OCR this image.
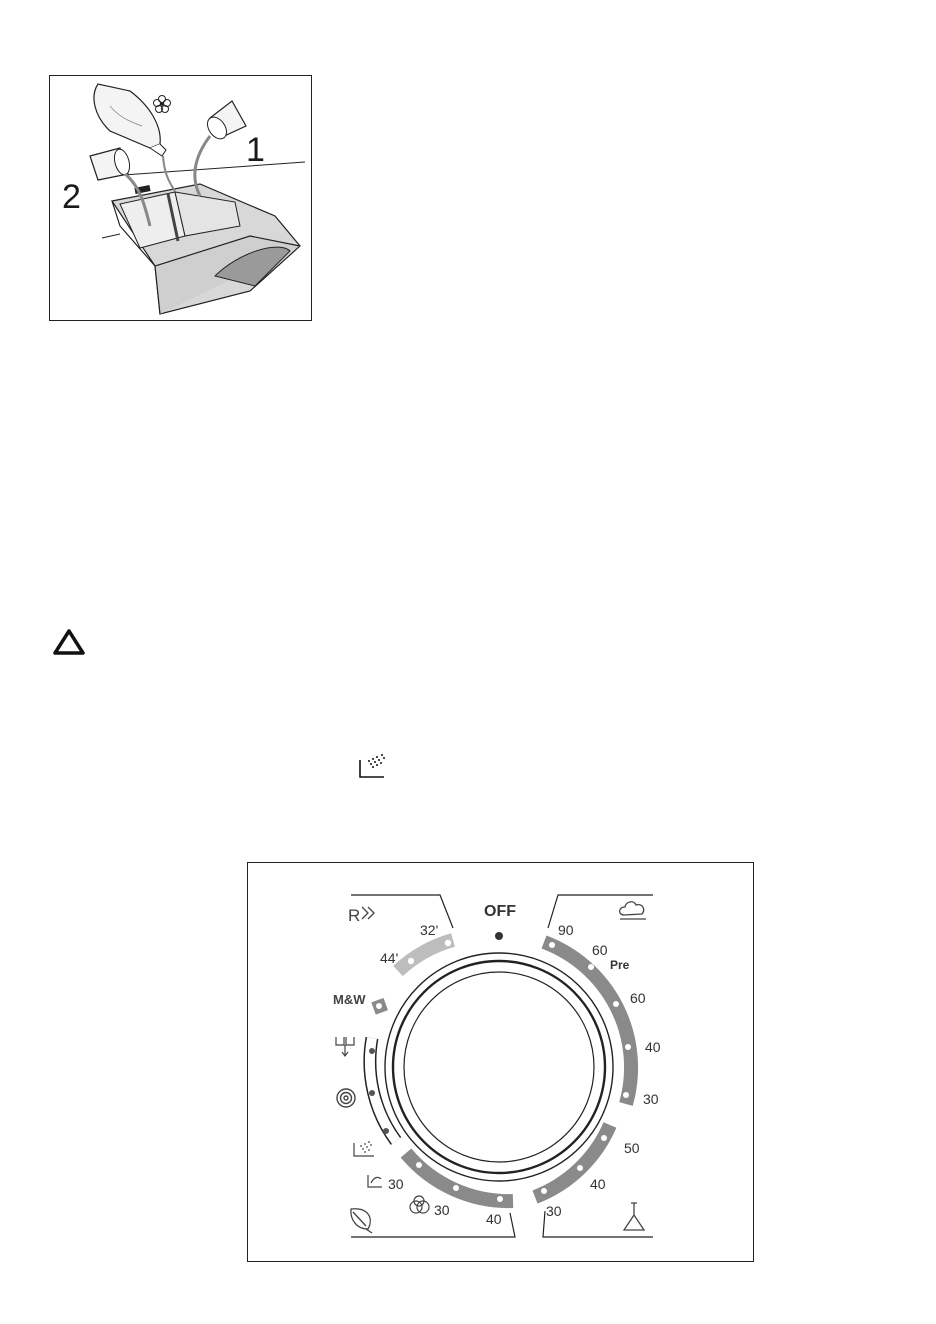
1
2
OFF
44'
32'
R
M&W
30
30
40
90
60
Pre
60
40
30
50
40
30
